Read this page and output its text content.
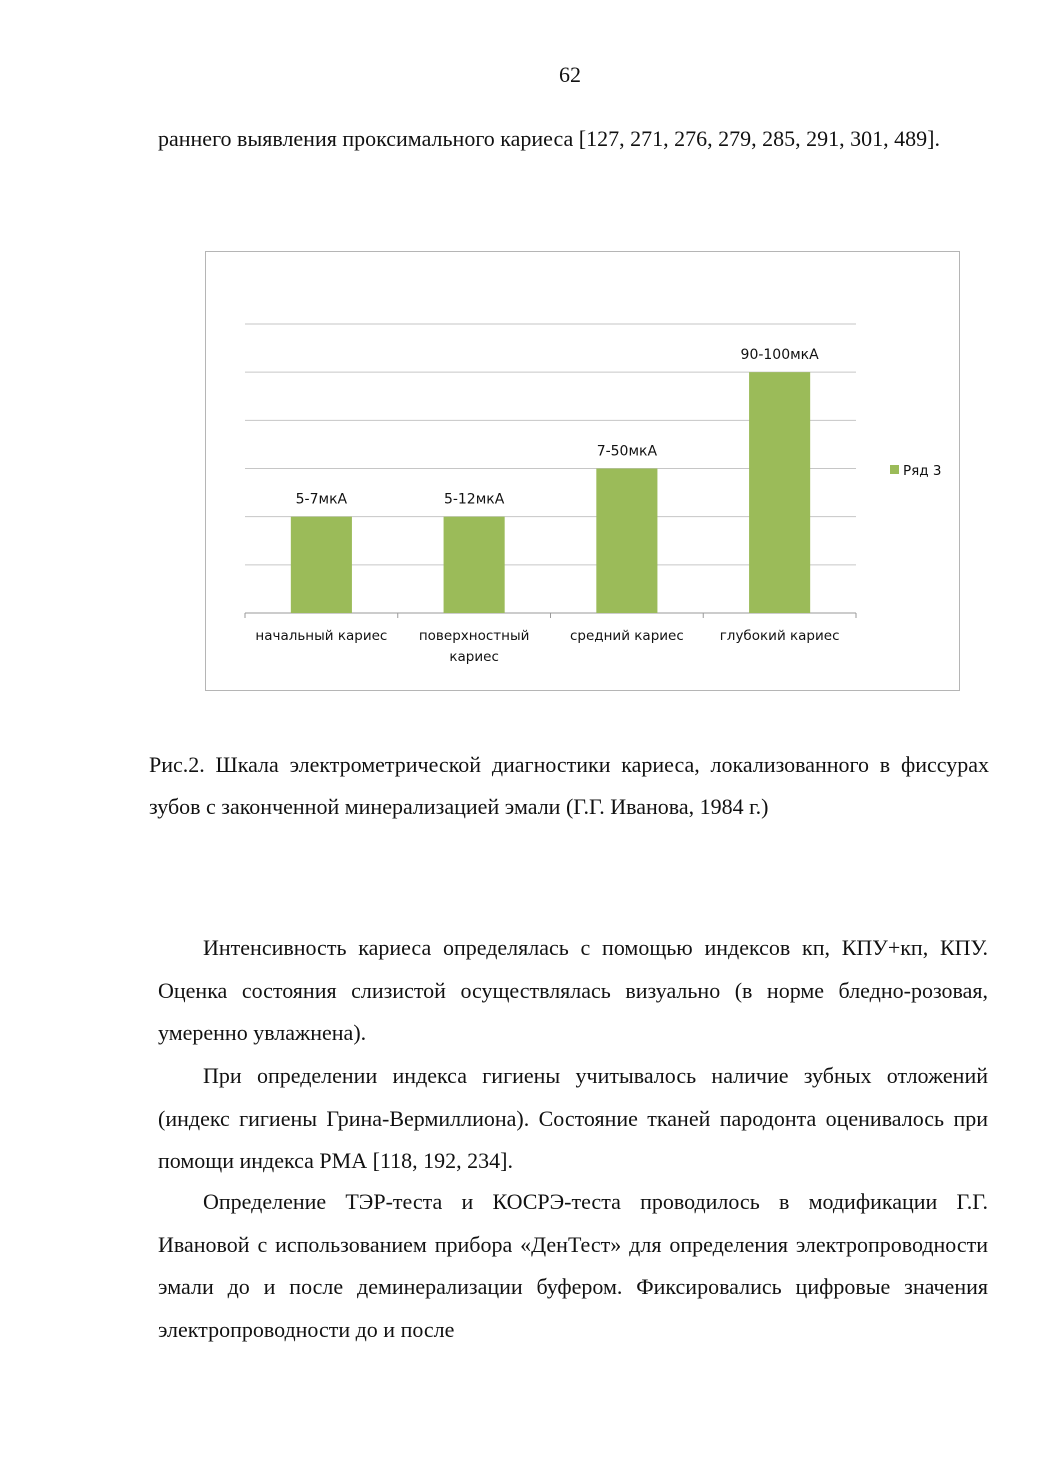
62

раннего выявления проксимального кариеса [127, 271, 276, 279, 285, 291, 301, 489].

5-7мкА
начальный кариес
5-12мкА
поверхностный
кариес
7-50мкА
средний кариес
90-100мкА
глубокий кариес
Ряд 3

Рис.2. Шкала электрометрической диагностики кариеса, локализованного в фиссурах зубов с законченной минерализацией эмали (Г.Г. Иванова, 1984 г.)

Интенсивность кариеса определялась с помощью индексов кп, КПУ+кп, КПУ. Оценка состояния слизистой осуществлялась визуально (в норме бледно-розовая, умеренно увлажнена).

При определении индекса гигиены учитывалось наличие зубных отложений (индекс гигиены Грина-Вермиллиона). Состояние тканей пародонта оценивалось при помощи индекса РМА [118, 192, 234].

Определение ТЭР-теста и КОСРЭ-теста проводилось в модификации Г.Г. Ивановой с использованием прибора «ДенТест» для определения электропроводности эмали до и после деминерализации буфером. Фиксировались цифровые значения электропроводности до и после
